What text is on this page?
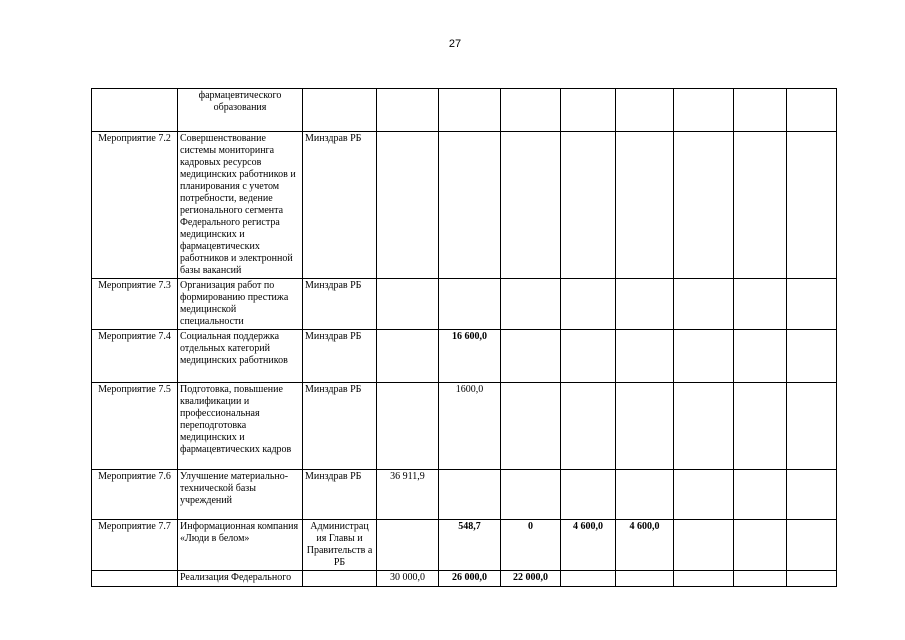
27
	фармацевтического образования									
Мероприятие 7.2	Совершенствование системы мониторинга кадровых ресурсов медицинских работников и планирования с учетом потребности, ведение регионального сегмента Федерального регистра медицинских и фармацевтических работников и электронной базы вакансий	Минздрав РБ								
Мероприятие 7.3	Организация работ по формированию престижа медицинской специальности	Минздрав РБ								
Мероприятие 7.4	Социальная поддержка отдельных категорий медицинских работников	Минздрав РБ		16 600,0						
Мероприятие 7.5	Подготовка, повышение квалификации и профессиональная переподготовка медицинских и фармацевтических кадров	Минздрав РБ		1600,0						
Мероприятие 7.6	Улучшение материально-технической базы учреждений	Минздрав РБ	36 911,9							
Мероприятие 7.7	Информационная компания «Люди в белом»	Администрац ия Главы и Правительств а РБ		548,7	0	4 600,0	4 600,0			
	Реализация Федерального		30 000,0	26 000,0	22 000,0					
